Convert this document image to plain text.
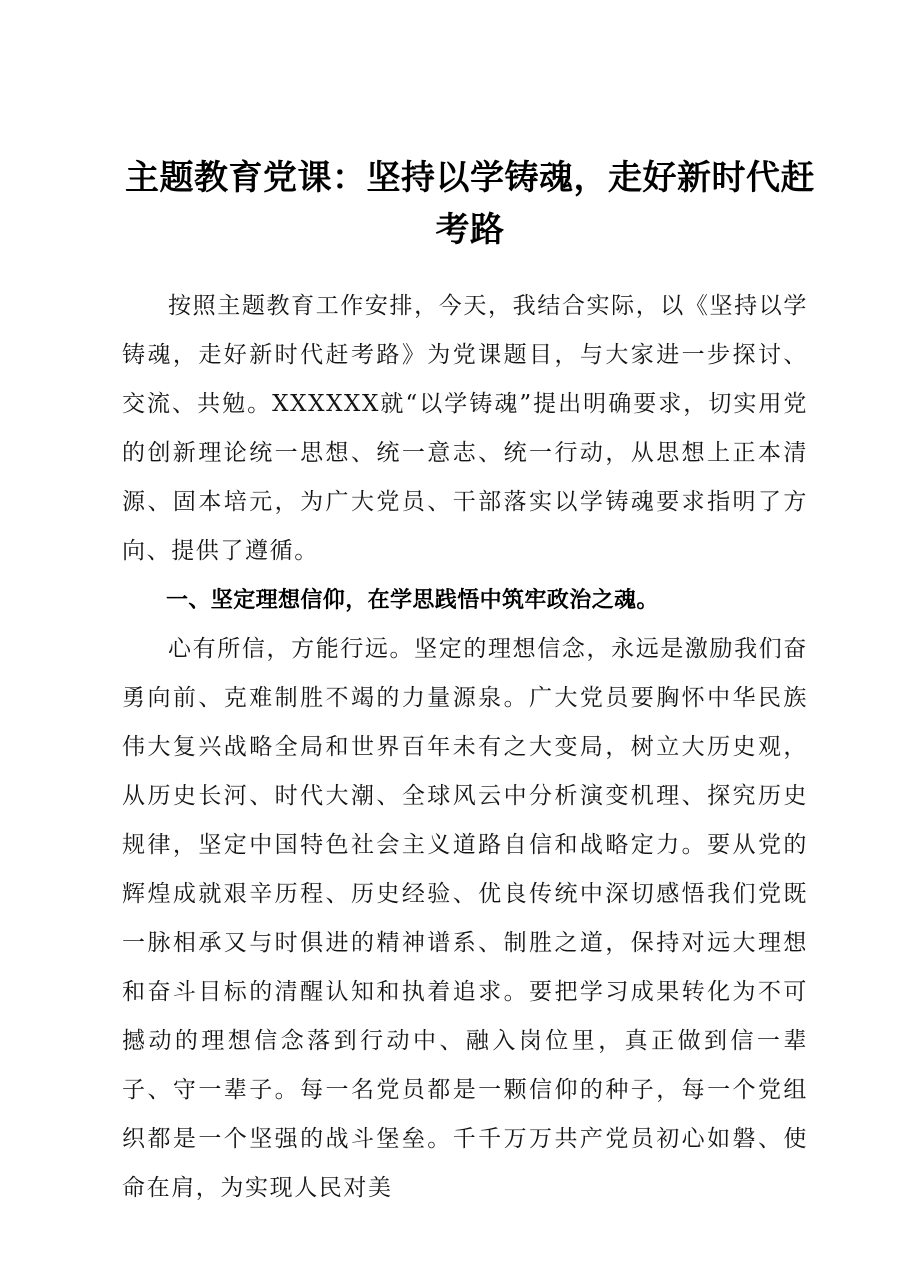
主题教育党课：坚持以学铸魂，走好新时代赶考路

按照主题教育工作安排，今天，我结合实际，以《坚持以学铸魂，走好新时代赶考路》为党课题目，与大家进一步探讨、交流、共勉。XXXXXX就“以学铸魂”提出明确要求，切实用党的创新理论统一思想、统一意志、统一行动，从思想上正本清源、固本培元，为广大党员、干部落实以学铸魂要求指明了方向、提供了遵循。

一、坚定理想信仰，在学思践悟中筑牢政治之魂。

心有所信，方能行远。坚定的理想信念，永远是激励我们奋勇向前、克难制胜不竭的力量源泉。广大党员要胸怀中华民族伟大复兴战略全局和世界百年未有之大变局，树立大历史观，从历史长河、时代大潮、全球风云中分析演变机理、探究历史规律，坚定中国特色社会主义道路自信和战略定力。要从党的辉煌成就艰辛历程、历史经验、优良传统中深切感悟我们党既一脉相承又与时俱进的精神谱系、制胜之道，保持对远大理想和奋斗目标的清醒认知和执着追求。要把学习成果转化为不可撼动的理想信念落到行动中、融入岗位里，真正做到信一辈子、守一辈子。每一名党员都是一颗信仰的种子，每一个党组织都是一个坚强的战斗堡垒。千千万万共产党员初心如磐、使命在肩，为实现人民对美
